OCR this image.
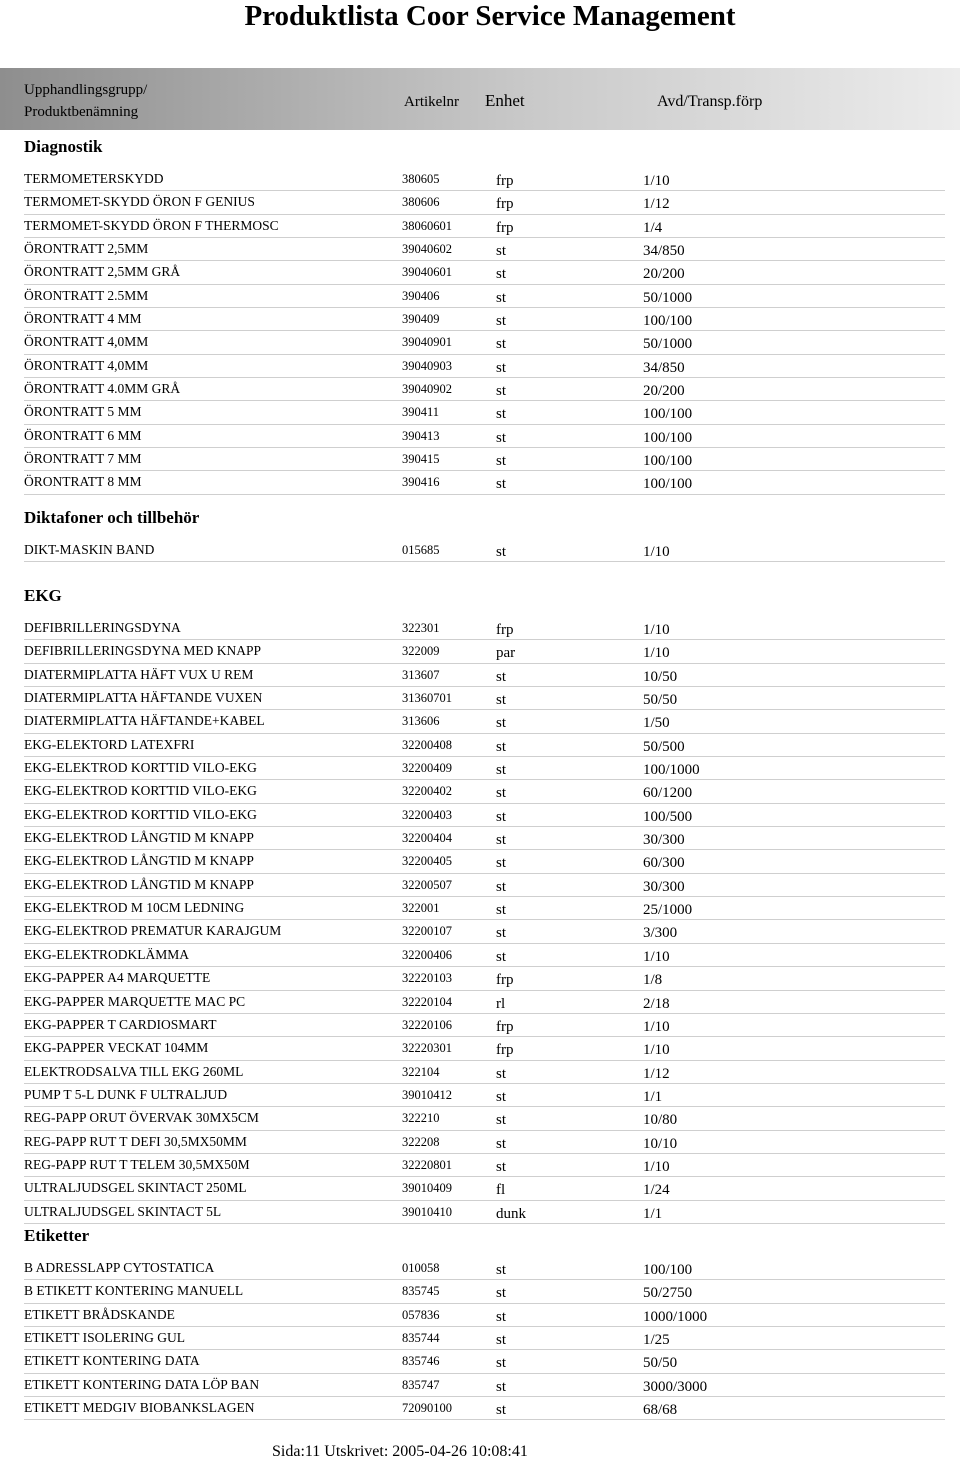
Produktlista Coor Service Management
Upphandlingsgrupp/
Produktbenämning
Artikelnr Enhet	Avd/Transp.förp
Diagnostik
TERMOMETERSKYDD	380605	frp	1/10
TERMOMET-SKYDD ÖRON F GENIUS	380606	frp	1/12
TERMOMET-SKYDD ÖRON F THERMOSC	38060601	frp	1/4
ÖRONTRATT 2,5MM	39040602	st	34/850
ÖRONTRATT 2,5MM GRÅ	39040601	st	20/200
ÖRONTRATT 2.5MM	390406	st	50/1000
ÖRONTRATT 4 MM	390409	st	100/100
ÖRONTRATT 4,0MM	39040901	st	50/1000
ÖRONTRATT 4,0MM	39040903	st	34/850
ÖRONTRATT 4.0MM GRÅ	39040902	st	20/200
ÖRONTRATT 5 MM	390411	st	100/100
ÖRONTRATT 6 MM	390413	st	100/100
ÖRONTRATT 7 MM	390415	st	100/100
ÖRONTRATT 8 MM	390416	st	100/100
Diktafoner och tillbehör
DIKT-MASKIN BAND	015685	st	1/10
EKG
DEFIBRILLERINGSDYNA	322301	frp	1/10
DEFIBRILLERINGSDYNA MED KNAPP	322009	par	1/10
DIATERMIPLATTA HÄFT VUX U REM	313607	st	10/50
DIATERMIPLATTA HÄFTANDE VUXEN	31360701	st	50/50
DIATERMIPLATTA HÄFTANDE+KABEL	313606	st	1/50
EKG-ELEKTORD LATEXFRI	32200408	st	50/500
EKG-ELEKTROD KORTTID VILO-EKG	32200409	st	100/1000
EKG-ELEKTROD KORTTID VILO-EKG	32200402	st	60/1200
EKG-ELEKTROD KORTTID VILO-EKG	32200403	st	100/500
EKG-ELEKTROD LÅNGTID M KNAPP	32200404	st	30/300
EKG-ELEKTROD LÅNGTID M KNAPP	32200405	st	60/300
EKG-ELEKTROD LÅNGTID M KNAPP	32200507	st	30/300
EKG-ELEKTROD M 10CM LEDNING	322001	st	25/1000
EKG-ELEKTROD PREMATUR KARAJGUM	32200107	st	3/300
EKG-ELEKTRODKLÄMMA	32200406	st	1/10
EKG-PAPPER A4 MARQUETTE	32220103	frp	1/8
EKG-PAPPER MARQUETTE MAC PC	32220104	rl	2/18
EKG-PAPPER T CARDIOSMART	32220106	frp	1/10
EKG-PAPPER VECKAT 104MM	32220301	frp	1/10
ELEKTRODSALVA TILL EKG 260ML	322104	st	1/12
PUMP T 5-L DUNK F ULTRALJUD	39010412	st	1/1
REG-PAPP ORUT ÖVERVAK 30MX5CM	322210	st	10/80
REG-PAPP RUT T DEFI 30,5MX50MM	322208	st	10/10
REG-PAPP RUT T TELEM 30,5MX50M	32220801	st	1/10
ULTRALJUDSGEL SKINTACT 250ML	39010409	fl	1/24
ULTRALJUDSGEL SKINTACT 5L	39010410	dunk	1/1
Etiketter
B ADRESSLAPP CYTOSTATICA	010058	st	100/100
B ETIKETT KONTERING MANUELL	835745	st	50/2750
ETIKETT BRÅDSKANDE	057836	st	1000/1000
ETIKETT ISOLERING GUL	835744	st	1/25
ETIKETT KONTERING DATA	835746	st	50/50
ETIKETT KONTERING DATA LÖP BAN	835747	st	3000/3000
ETIKETT MEDGIV BIOBANKSLAGEN	72090100	st	68/68
Sida:11 Utskrivet: 2005-04-26 10:08:41
